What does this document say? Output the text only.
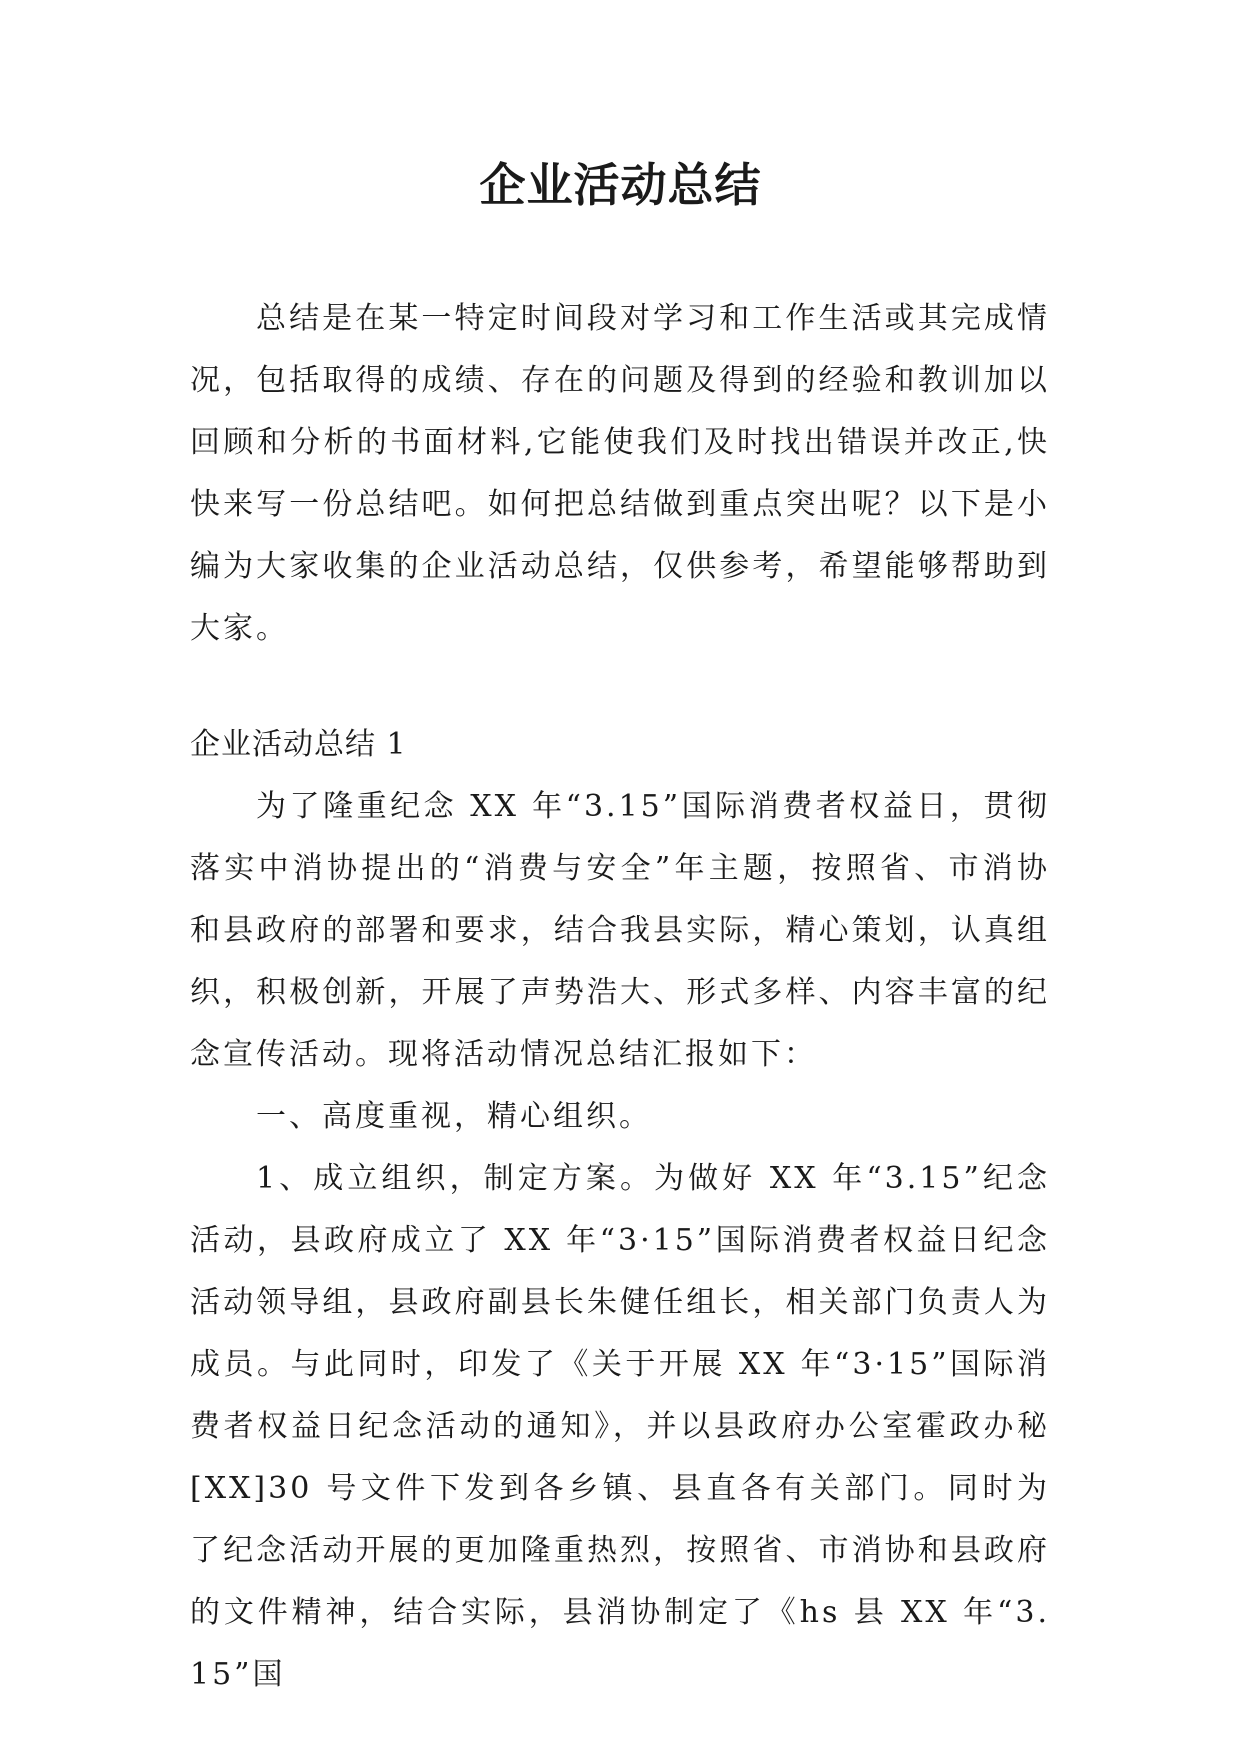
企业活动总结

总结是在某一特定时间段对学习和工作生活或其完成情况，包括取得的成绩、存在的问题及得到的经验和教训加以回顾和分析的书面材料,它能使我们及时找出错误并改正,快快来写一份总结吧。如何把总结做到重点突出呢？以下是小编为大家收集的企业活动总结，仅供参考，希望能够帮助到大家。

企业活动总结 1

为了隆重纪念 XX 年“3.15”国际消费者权益日，贯彻落实中消协提出的“消费与安全”年主题，按照省、市消协和县政府的部署和要求，结合我县实际，精心策划，认真组织，积极创新，开展了声势浩大、形式多样、内容丰富的纪念宣传活动。现将活动情况总结汇报如下：

一、高度重视，精心组织。

1、成立组织，制定方案。为做好 XX 年“3.15”纪念活动，县政府成立了 XX 年“3·15”国际消费者权益日纪念活动领导组，县政府副县长朱健任组长，相关部门负责人为成员。与此同时，印发了《关于开展 XX 年“3·15”国际消费者权益日纪念活动的通知》，并以县政府办公室霍政办秘[XX]30 号文件下发到各乡镇、县直各有关部门。同时为了纪念活动开展的更加隆重热烈，按照省、市消协和县政府的文件精神，结合实际，县消协制定了《hs 县 XX 年“3.15”国
